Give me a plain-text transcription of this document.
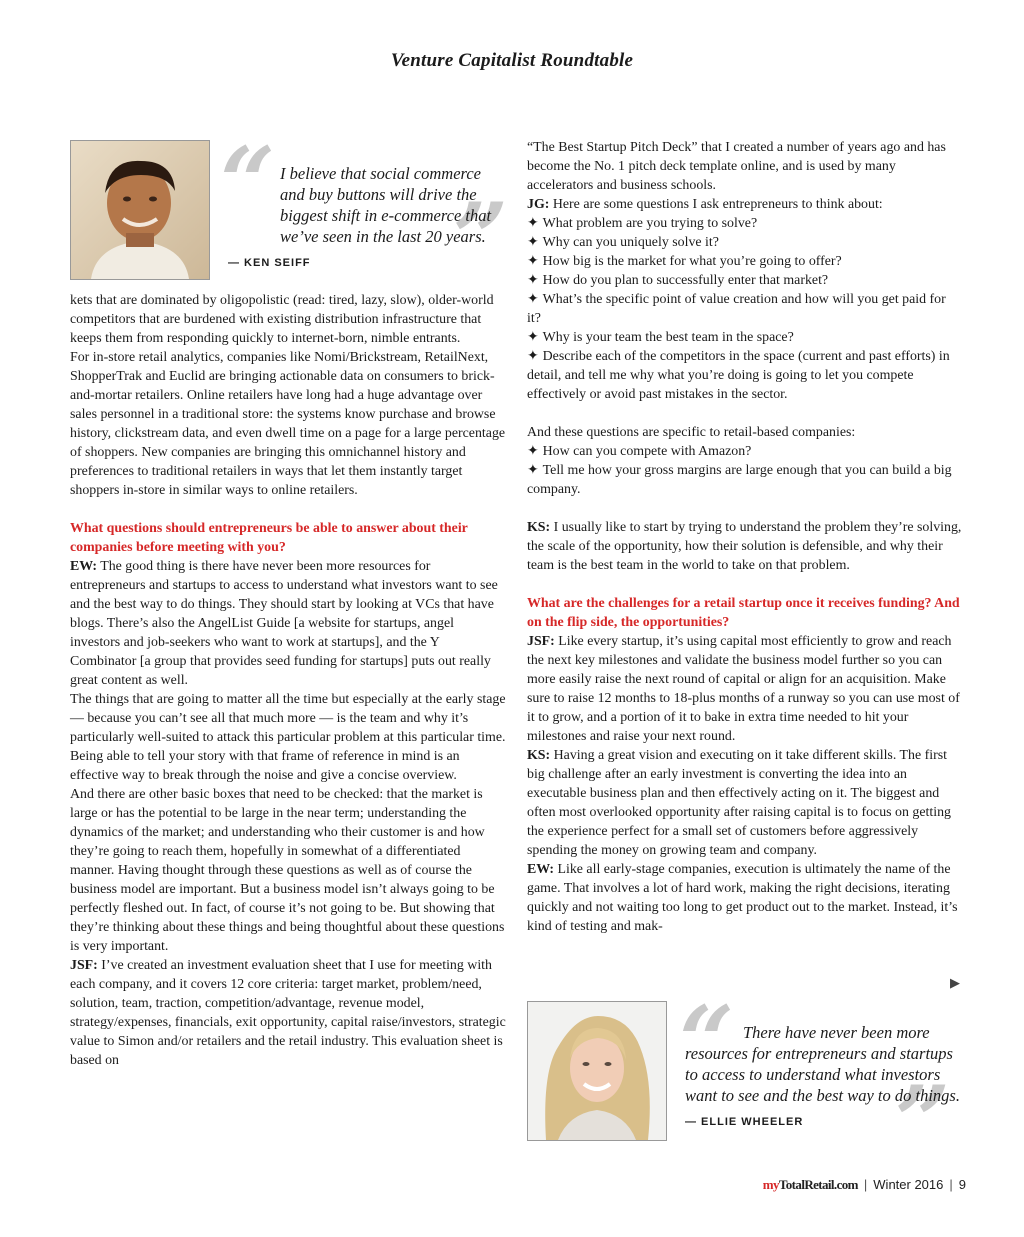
Venture Capitalist Roundtable
“ ”
I believe that social commerce and buy buttons will drive the biggest shift in e-commerce that we’ve seen in the last 20 years.
— KEN SEIFF

kets that are dominated by oligopolistic (read: tired, lazy, slow), older-world competitors that are burdened with existing distribution infrastructure that keeps them from responding quickly to internet-born, nimble entrants.

For in-store retail analytics, companies like Nomi/Brickstream, RetailNext, ShopperTrak and Euclid are bringing actionable data on consumers to brick-and-mortar retailers. Online retailers have long had a huge advantage over sales personnel in a traditional store: the systems know purchase and browse history, clickstream data, and even dwell time on a page for a large percentage of shoppers. New companies are bringing this omnichannel history and preferences to traditional retailers in ways that let them instantly target shoppers in-store in similar ways to online retailers.

What questions should entrepreneurs be able to answer about their companies before meeting with you?

EW: The good thing is there have never been more resources for entrepreneurs and startups to access to understand what investors want to see and the best way to do things. They should start by looking at VCs that have blogs. There’s also the AngelList Guide [a website for startups, angel investors and job-seekers who want to work at startups], and the Y Combinator [a group that provides seed funding for startups] puts out really great content as well.

The things that are going to matter all the time but especially at the early stage — because you can’t see all that much more — is the team and why it’s particularly well-suited to attack this particular problem at this particular time. Being able to tell your story with that frame of reference in mind is an effective way to break through the noise and give a concise overview.

And there are other basic boxes that need to be checked: that the market is large or has the potential to be large in the near term; understanding the dynamics of the market; and understanding who their customer is and how they’re going to reach them, hopefully in somewhat of a differentiated manner. Having thought through these questions as well as of course the business model are important. But a business model isn’t always going to be perfectly fleshed out. In fact, of course it’s not going to be. But showing that they’re thinking about these things and being thoughtful about these questions is very important.

JSF: I’ve created an investment evaluation sheet that I use for meeting with each company, and it covers 12 core criteria: target market, problem/need, solution, team, traction, competition/advantage, revenue model, strategy/expenses, financials, exit opportunity, capital raise/investors, strategic value to Simon and/or retailers and the retail industry. This evaluation sheet is based on

“The Best Startup Pitch Deck” that I created a number of years ago and has become the No. 1 pitch deck template online, and is used by many accelerators and business schools.

JG: Here are some questions I ask entrepreneurs to think about:

✦ What problem are you trying to solve?

✦ Why can you uniquely solve it?

✦ How big is the market for what you’re going to offer?

✦ How do you plan to successfully enter that market?

✦ What’s the specific point of value creation and how will you get paid for it?

✦ Why is your team the best team in the space?

✦ Describe each of the competitors in the space (current and past efforts) in detail, and tell me why what you’re doing is going to let you compete effectively or avoid past mistakes in the sector.

And these questions are specific to retail-based companies:

✦ How can you compete with Amazon?

✦ Tell me how your gross margins are large enough that you can build a big company.

KS: I usually like to start by trying to understand the problem they’re solving, the scale of the opportunity, how their solution is defensible, and why their team is the best team in the world to take on that problem.

What are the challenges for a retail startup once it receives funding? And on the flip side, the opportunities?

JSF: Like every startup, it’s using capital most efficiently to grow and reach the next key milestones and validate the business model further so you can more easily raise the next round of capital or align for an acquisition. Make sure to raise 12 months to 18-plus months of a runway so you can use most of it to grow, and a portion of it to bake in extra time needed to hit your milestones and raise your next round.

KS: Having a great vision and executing on it take different skills. The first big challenge after an early investment is converting the idea into an executable business plan and then effectively acting on it. The biggest and often most overlooked opportunity after raising capital is to focus on getting the experience perfect for a small set of customers before aggressively spending the money on growing team and company.

EW: Like all early-stage companies, execution is ultimately the name of the game. That involves a lot of hard work, making the right decisions, iterating quickly and not waiting too long to get product out to the market. Instead, it’s kind of testing and mak-

▶
“
”
There have never been more resources for entrepreneurs and startups to access to understand what investors want to see and the best way to do things.
— ELLIE WHEELER
myTotalRetail.com | Winter 2016 | 9
